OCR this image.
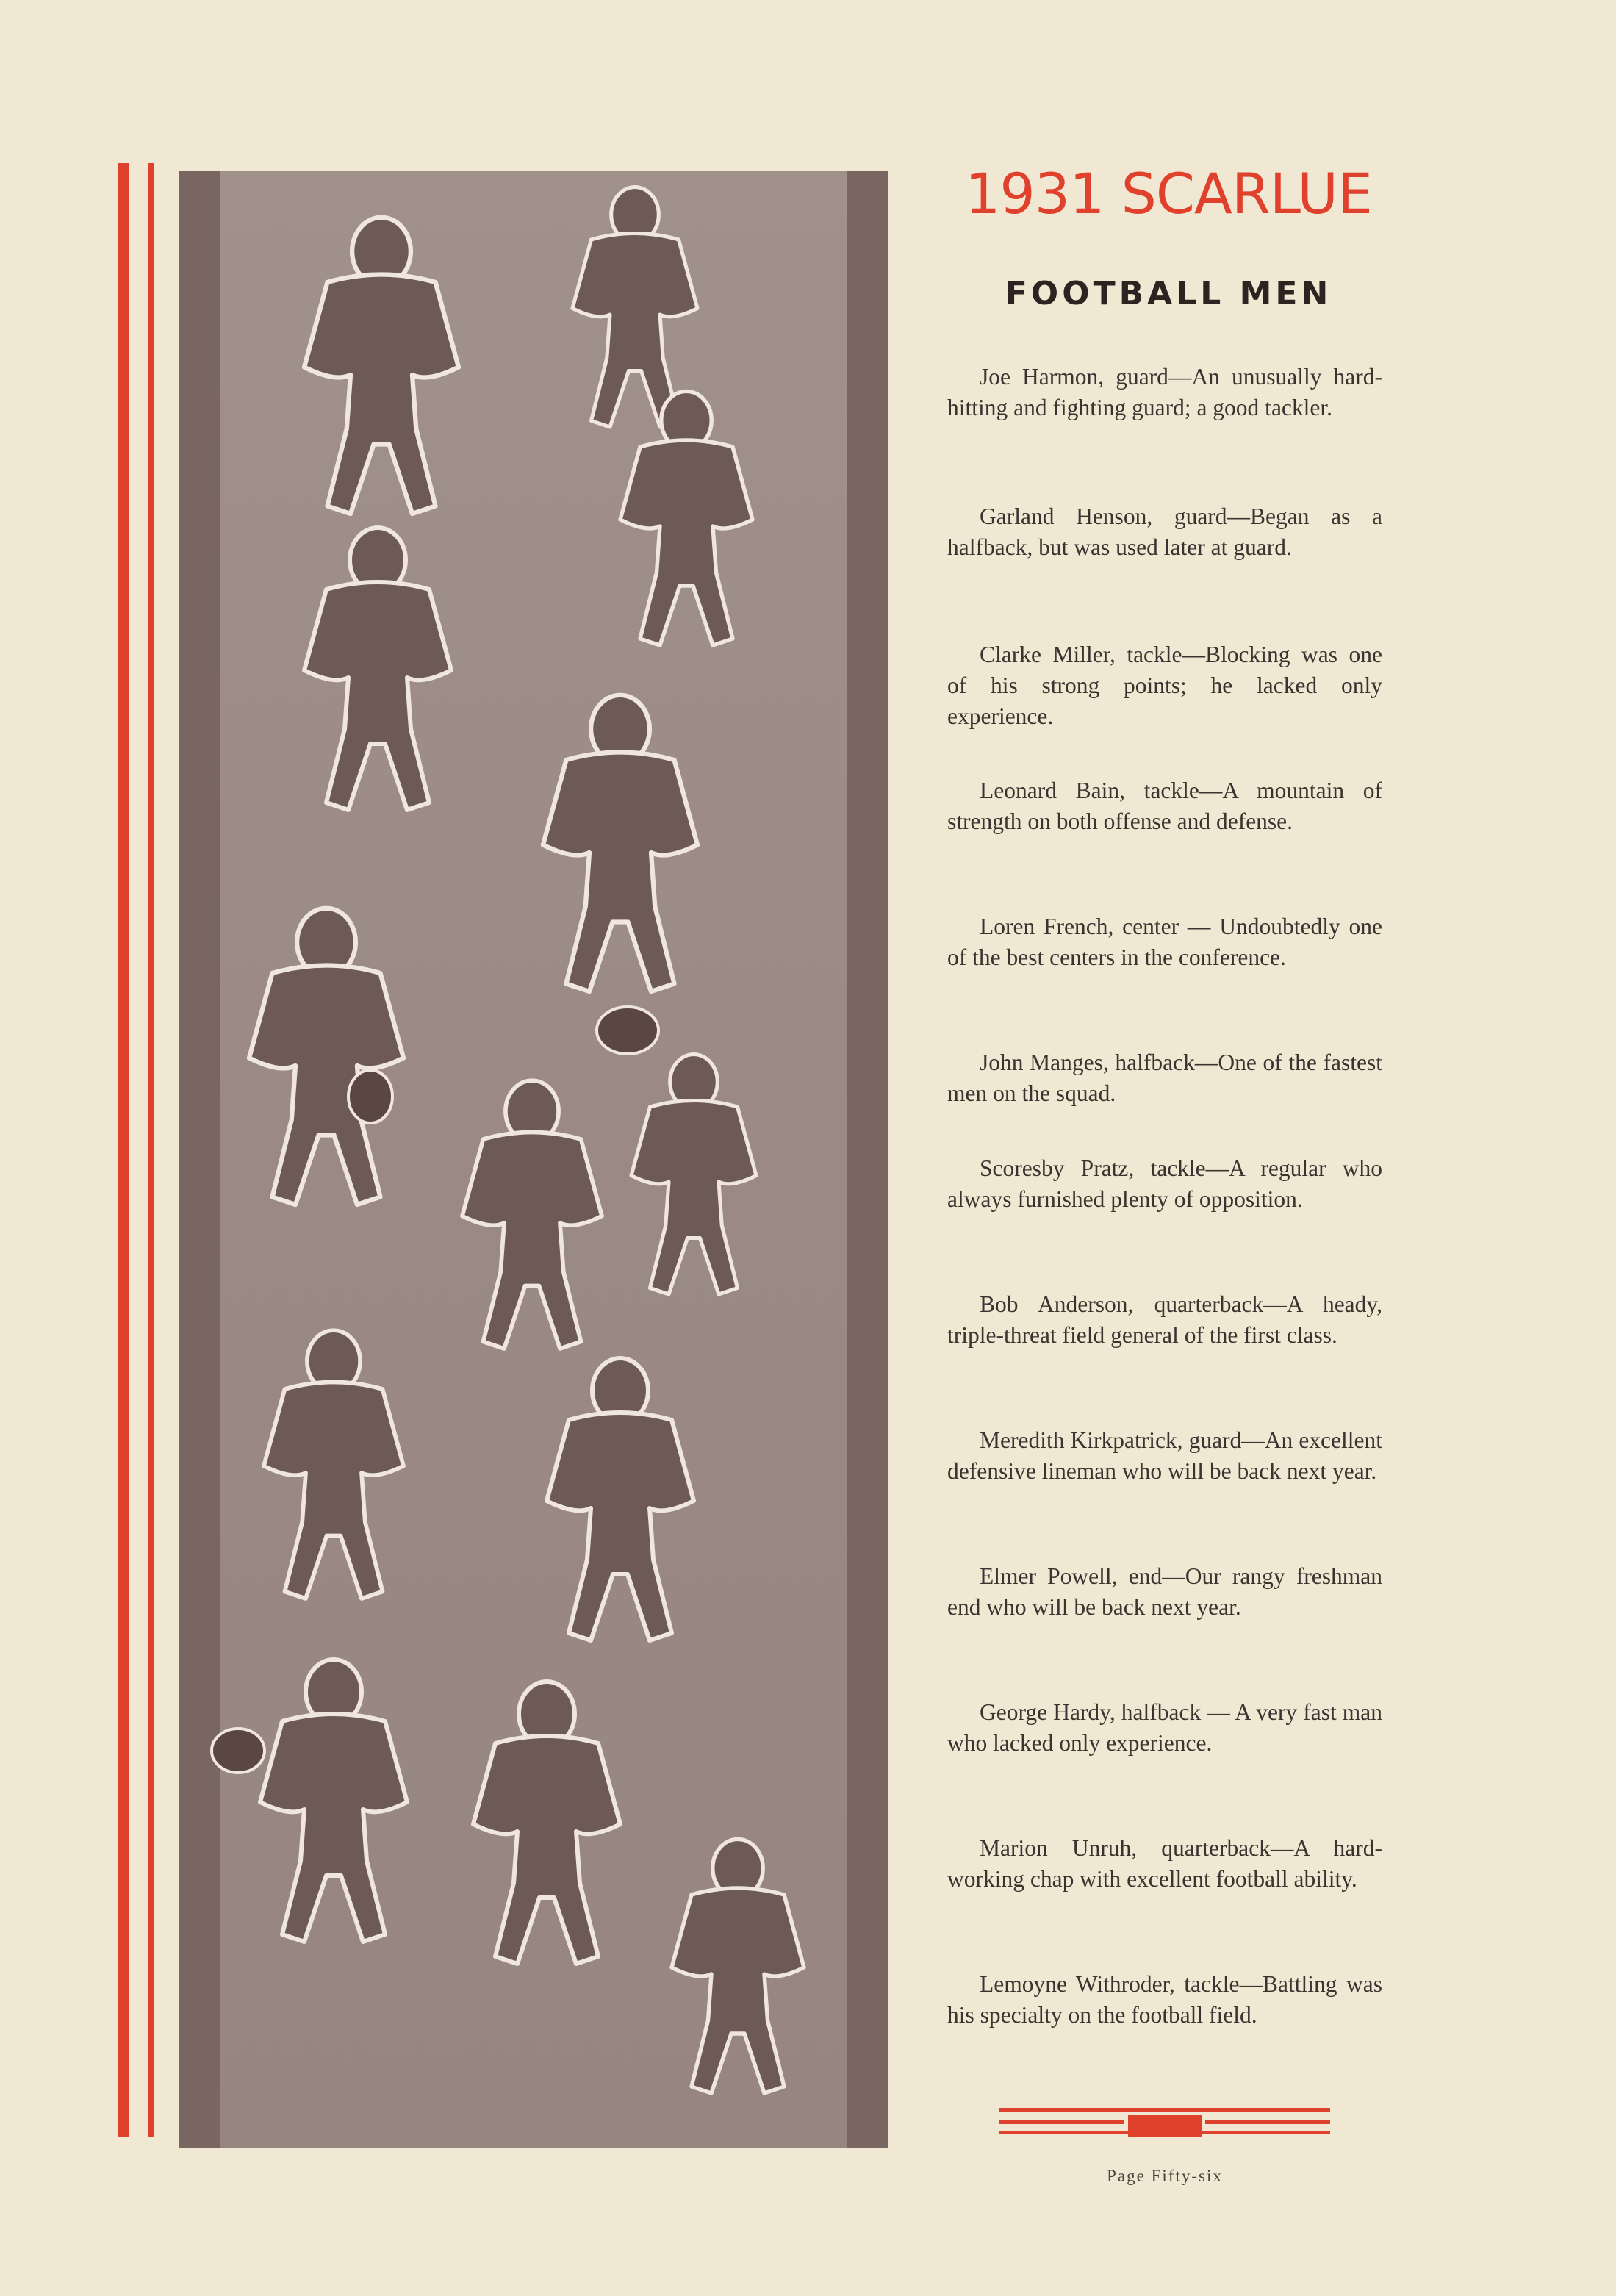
1931 SCARLUE
FOOTBALL MEN

Joe Harmon, guard—An unusually hard-hitting and fighting guard; a good tackler.

Garland Henson, guard—Began as a halfback, but was used later at guard.

Clarke Miller, tackle—Blocking was one of his strong points; he lacked only experience.

Leonard Bain, tackle—A mountain of strength on both offense and defense.

Loren French, center — Undoubtedly one of the best centers in the conference.

John Manges, halfback—One of the fastest men on the squad.

Scoresby Pratz, tackle—A regular who always furnished plenty of opposition.

Bob Anderson, quarterback—A heady, triple-threat field general of the first class.

Meredith Kirkpatrick, guard—An excellent defensive lineman who will be back next year.

Elmer Powell, end—Our rangy freshman end who will be back next year.

George Hardy, halfback — A very fast man who lacked only experience.

Marion Unruh, quarterback—A hard-working chap with excellent football ability.

Lemoyne Withroder, tackle—Battling was his specialty on the football field.

Page Fifty-six
